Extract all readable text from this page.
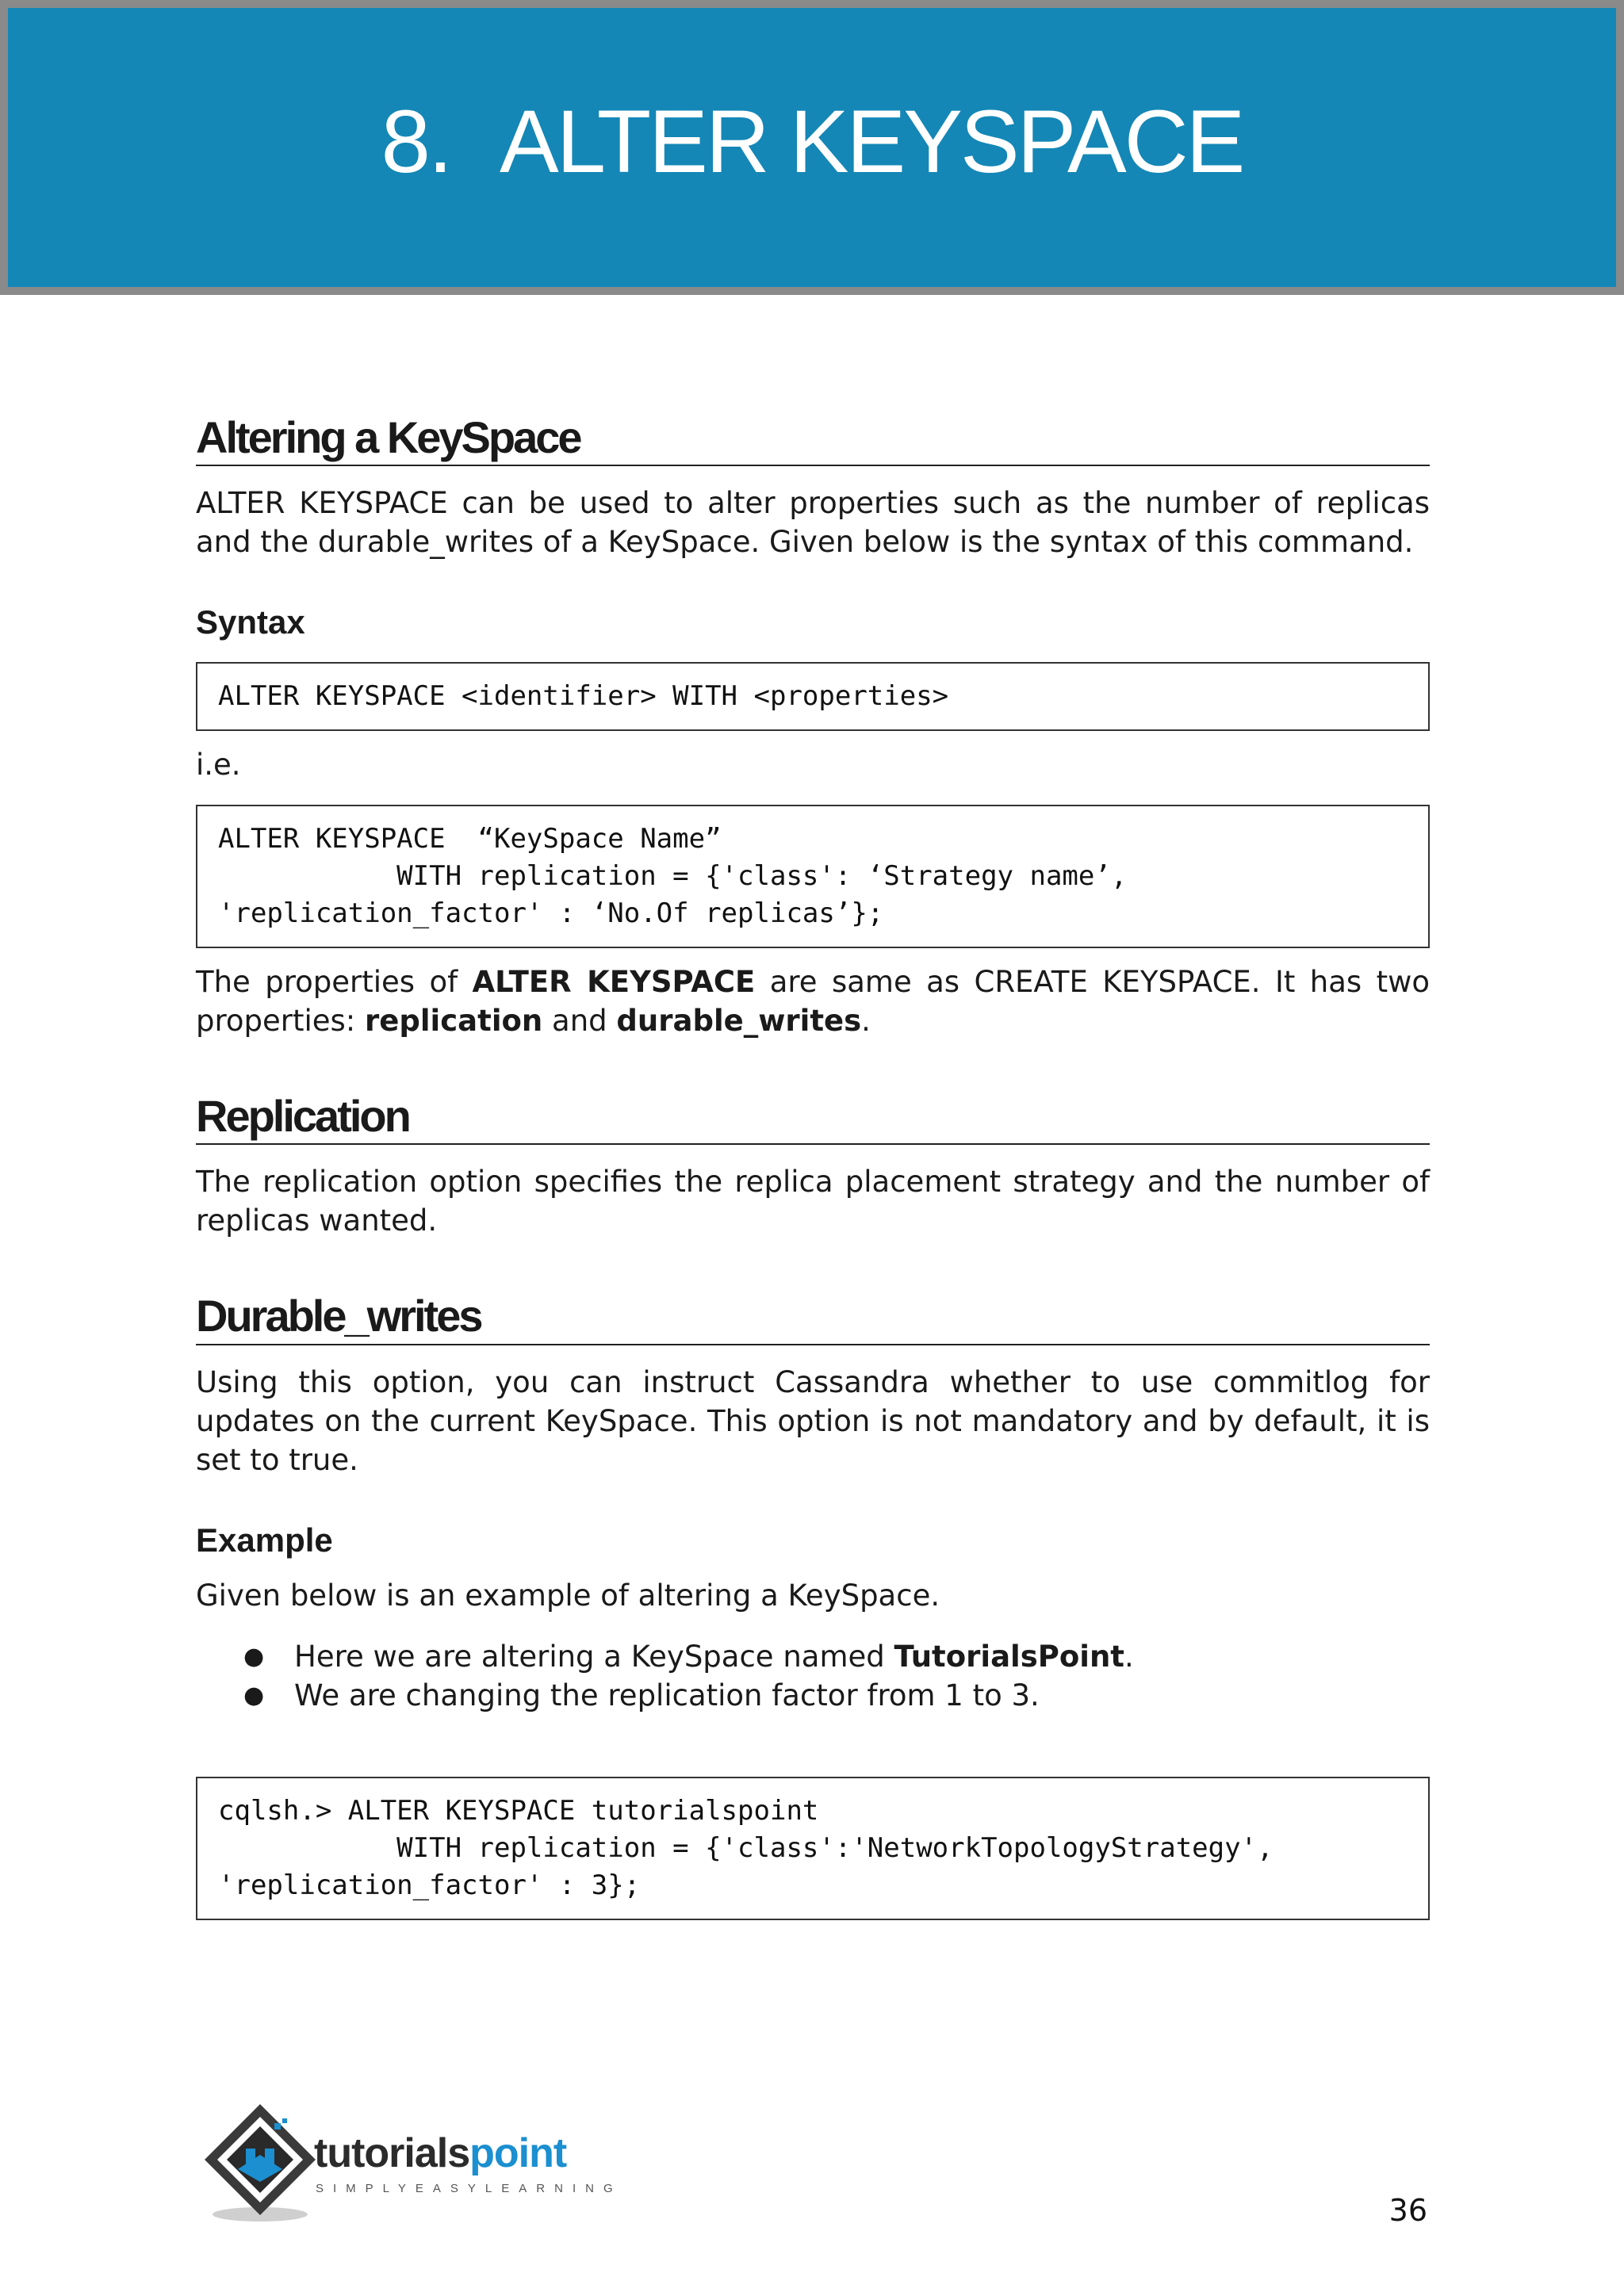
8. ALTER KEYSPACE
Altering a KeySpace

ALTER KEYSPACE can be used to alter properties such as the number of replicas and the durable_writes of a KeySpace. Given below is the syntax of this command.

Syntax
ALTER KEYSPACE <identifier> WITH <properties>

i.e.

ALTER KEYSPACE  “KeySpace Name”
WITH replication = {'class': ‘Strategy name’,
'replication_factor' : ‘No.Of replicas’};

The properties of ALTER KEYSPACE are same as CREATE KEYSPACE. It has two properties: replication and durable_writes.

Replication

The replication option specifies the replica placement strategy and the number of replicas wanted.

Durable_writes

Using this option, you can instruct Cassandra whether to use commitlog for updates on the current KeySpace. This option is not mandatory and by default, it is set to true.

Example

Given below is an example of altering a KeySpace.

● Here we are altering a KeySpace named TutorialsPoint.
● We are changing the replication factor from 1 to 3.
cqlsh.> ALTER KEYSPACE tutorialspoint
WITH replication = {'class':'NetworkTopologyStrategy',
'replication_factor' : 3};
tutorialspoint
SIMPLYEASYLEARNING
36
